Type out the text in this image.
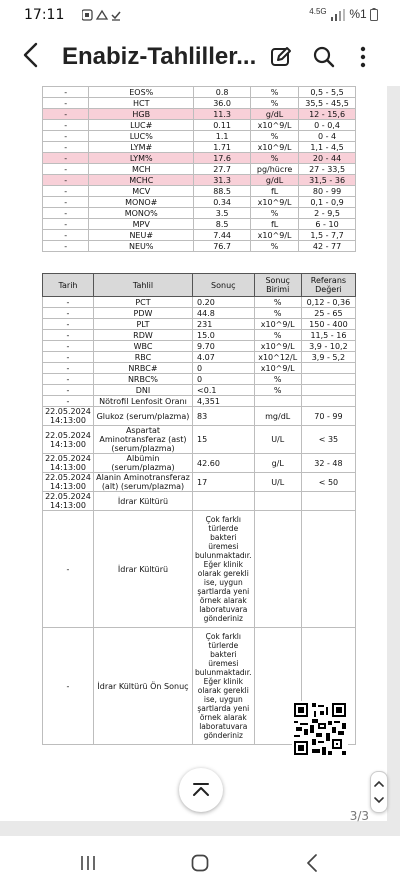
17:11	$^{4.5G}$ %1
Enabiz-Tahliller...
-	EOS%	0.8	%	0,5 - 5,5
-	HCT	36.0	%	35,5 - 45,5
-	HGB	11.3	g/dL	12 - 15,6
-	LUC#	0.11	x10^9/L	0 - 0,4
-	LUC%	1.1	%	0 - 4
-	LYM#	1.71	x10^9/L	1,1 - 4,5
-	LYM%	17.6	%	20 - 44
-	MCH	27.7	pg/hücre	27 - 33,5
-	MCHC	31.3	g/dL	31,5 - 36
-	MCV	88.5	fL	80 - 99
-	MONO#	0.34	x10^9/L	0,1 - 0,9
-	MONO%	3.5	%	2 - 9,5
-	MPV	8.5	fL	6 - 10
-	NEU#	7.44	x10^9/L	1,5 - 7,7
-	NEU%	76.7	%	42 - 77
Tarih	Tahlil	Sonuç	Sonuç Birimi	Referans Değeri
-	PCT	0.20	%	0,12 - 0,36
-	PDW	44.8	%	25 - 65
-	PLT	231	x10^9/L	150 - 400
-	RDW	15.0	%	11,5 - 16
-	WBC	9.70	x10^9/L	3,9 - 10,2
-	RBC	4.07	x10^12/L	3,9 - 5,2
-	NRBC#	0	x10^9/L	
-	NRBC%	0	%	
-	DNI	<0.1	%	
-	Nötrofil Lenfosit Oranı	4,351		
22.05.2024 14:13:00	Glukoz (serum/plazma)	83	mg/dL	70 - 99
22.05.2024 14:13:00	Aspartat Aminotransferaz (ast) (serum/plazma)	15	U/L	< 35
22.05.2024 14:13:00	Albümin (serum/plazma)	42.60	g/L	32 - 48
22.05.2024 14:13:00	Alanin Aminotransferaz (alt) (serum/plazma)	17	U/L	< 50
22.05.2024 14:13:00	İdrar Kültürü			
-	İdrar Kültürü	Çok farklı türlerde bakteri üremesi bulunmaktadır. Eğer klinik olarak gerekli ise, uygun şartlarda yeni örnek alarak laboratuvara gönderiniz		
-	İdrar Kültürü Ön Sonuç	Çok farklı türlerde bakteri üremesi bulunmaktadır. Eğer klinik olarak gerekli ise, uygun şartlarda yeni örnek alarak laboratuvara gönderiniz		
3/3
